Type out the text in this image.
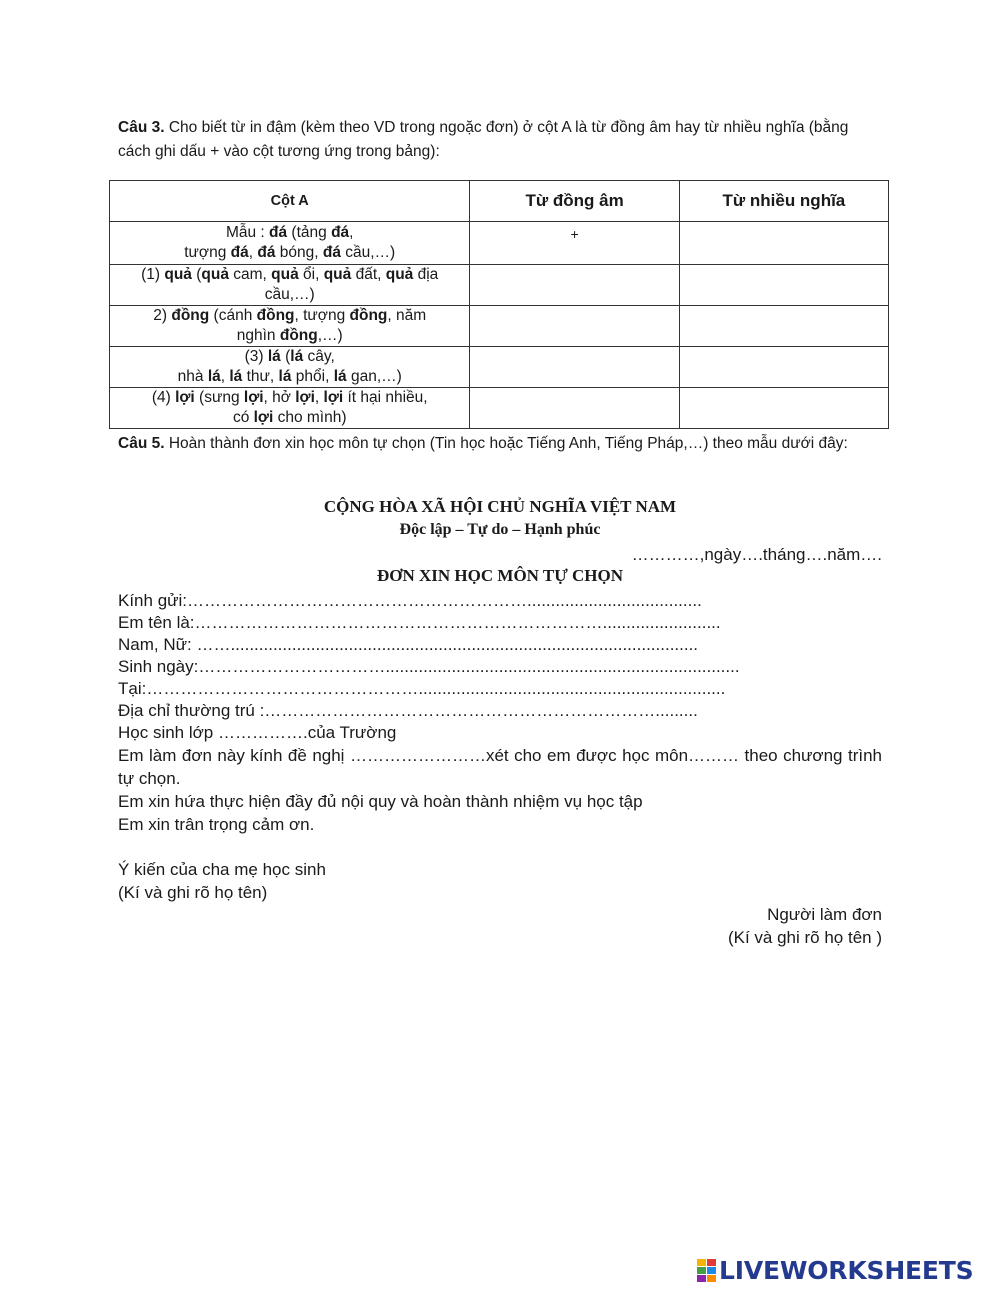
Câu 3. Cho biết từ in đậm (kèm theo VD trong ngoặc đơn) ở cột A là từ đồng âm hay từ nhiều nghĩa (bằng cách ghi dấu + vào cột tương ứng trong bảng):
Cột A	Từ đồng âm	Từ nhiều nghĩa
Mẫu : đá (tảng đá,
tượng đá, đá bóng, đá cầu,…)	+	
(1) quả (quả cam, quả ổi, quả đất, quả địa
cầu,…)		
2) đồng (cánh đồng, tượng đồng, năm
nghìn đồng,…)		
(3) lá (lá cây,
nhà lá, lá thư, lá phổi, lá gan,…)		
(4) lợi (sưng lợi, hở lợi, lợi ít hại nhiều,
có lợi cho mình)		
Câu 5. Hoàn thành đơn xin học môn tự chọn (Tin học hoặc Tiếng Anh, Tiếng Pháp,…) theo mẫu dưới đây:
CỘNG HÒA XÃ HỘI CHỦ NGHĨA VIỆT NAM
Độc lập – Tự do – Hạnh phúc
…………,ngày….tháng….năm….
ĐƠN XIN HỌC MÔN TỰ CHỌN
Kính gửi:…………………………………………………….....................................
Em tên là:……………………………………………………………….........................
Nam, Nữ: ……...................................................................................................
Sinh ngày:……………………………...........................................................................
Tại:………………………………………….................................................................
Địa chỉ thường trú :…………………………………………………………….........
Học sinh lớp …………….của Trường
Em làm đơn này kính đề nghị ……………………xét cho em được học môn……… theo chương trình tự chọn.
Em xin hứa thực hiện đầy đủ nội quy và hoàn thành nhiệm vụ học tập
Em xin trân trọng cảm ơn.
Ý kiến của cha mẹ học sinh
(Kí và ghi rõ họ tên)
Người làm đơn
(Kí và ghi rõ họ tên )
LIVEWORKSHEETS
